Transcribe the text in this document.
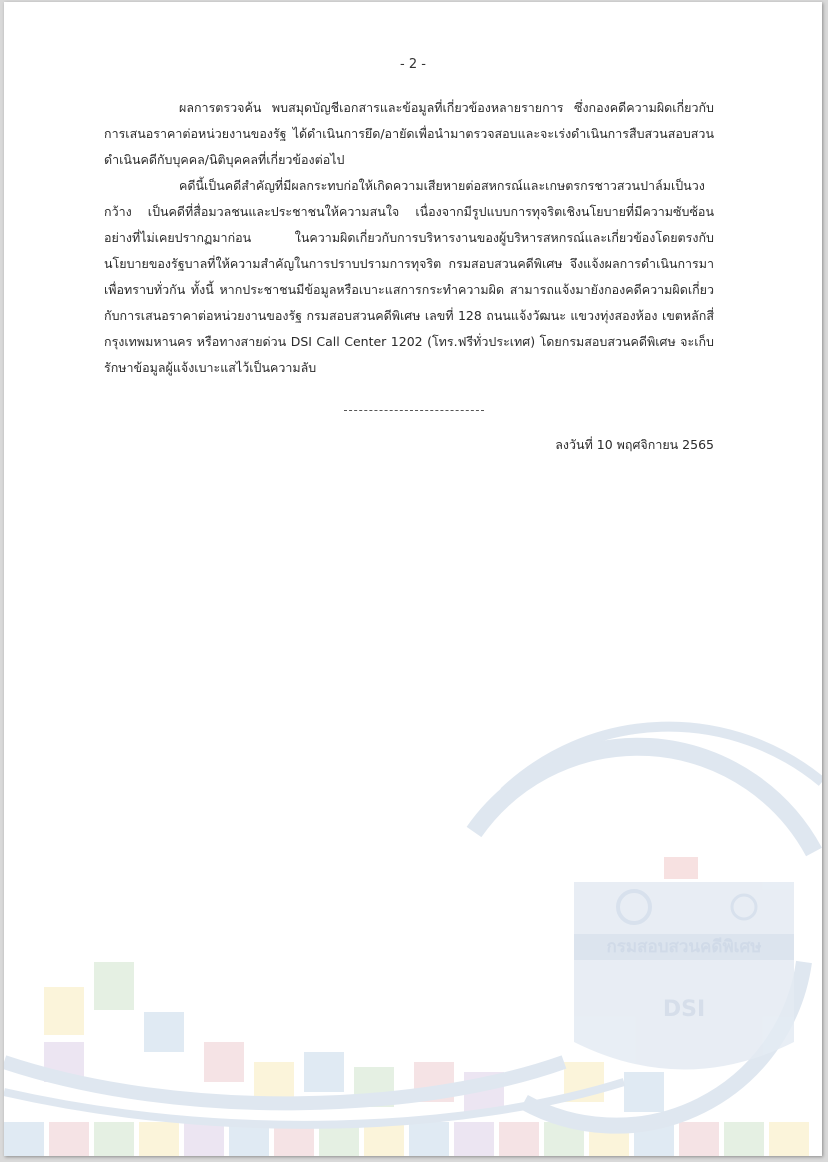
กรมสอบสวนคดีพิเศษ
DSI
- 2 -

ผลการตรวจค้น พบสมุดบัญชีเอกสารและข้อมูลที่เกี่ยวข้องหลายรายการ ซึ่งกองคดีความผิดเกี่ยวกับการเสนอราคาต่อหน่วยงานของรัฐ ได้ดำเนินการยึด/อายัดเพื่อนำมาตรวจสอบและจะเร่งดำเนินการสืบสวนสอบสวนดำเนินคดีกับบุคคล/นิติบุคคลที่เกี่ยวข้องต่อไป

คดีนี้เป็นคดีสำคัญที่มีผลกระทบก่อให้เกิดความเสียหายต่อสหกรณ์และเกษตรกรชาวสวนปาล์มเป็นวงกว้าง เป็นคดีที่สื่อมวลชนและประชาชนให้ความสนใจ เนื่องจากมีรูปแบบการทุจริตเชิงนโยบายที่มีความซับซ้อนอย่างที่ไม่เคยปรากฏมาก่อน ในความผิดเกี่ยวกับการบริหารงานของผู้บริหารสหกรณ์และเกี่ยวข้องโดยตรงกับนโยบายของรัฐบาลที่ให้ความสำคัญในการปราบปรามการทุจริต กรมสอบสวนคดีพิเศษ จึงแจ้งผลการดำเนินการมาเพื่อทราบทั่วกัน ทั้งนี้ หากประชาชนมีข้อมูลหรือเบาะแสการกระทำความผิด สามารถแจ้งมายังกองคดีความผิดเกี่ยวกับการเสนอราคาต่อหน่วยงานของรัฐ กรมสอบสวนคดีพิเศษ เลขที่ 128 ถนนแจ้งวัฒนะ แขวงทุ่งสองห้อง เขตหลักสี่ กรุงเทพมหานคร หรือทางสายด่วน DSI Call Center 1202 (โทร.ฟรีทั่วประเทศ) โดยกรมสอบสวนคดีพิเศษ จะเก็บรักษาข้อมูลผู้แจ้งเบาะแสไว้เป็นความลับ

ลงวันที่ 10 พฤศจิกายน 2565
